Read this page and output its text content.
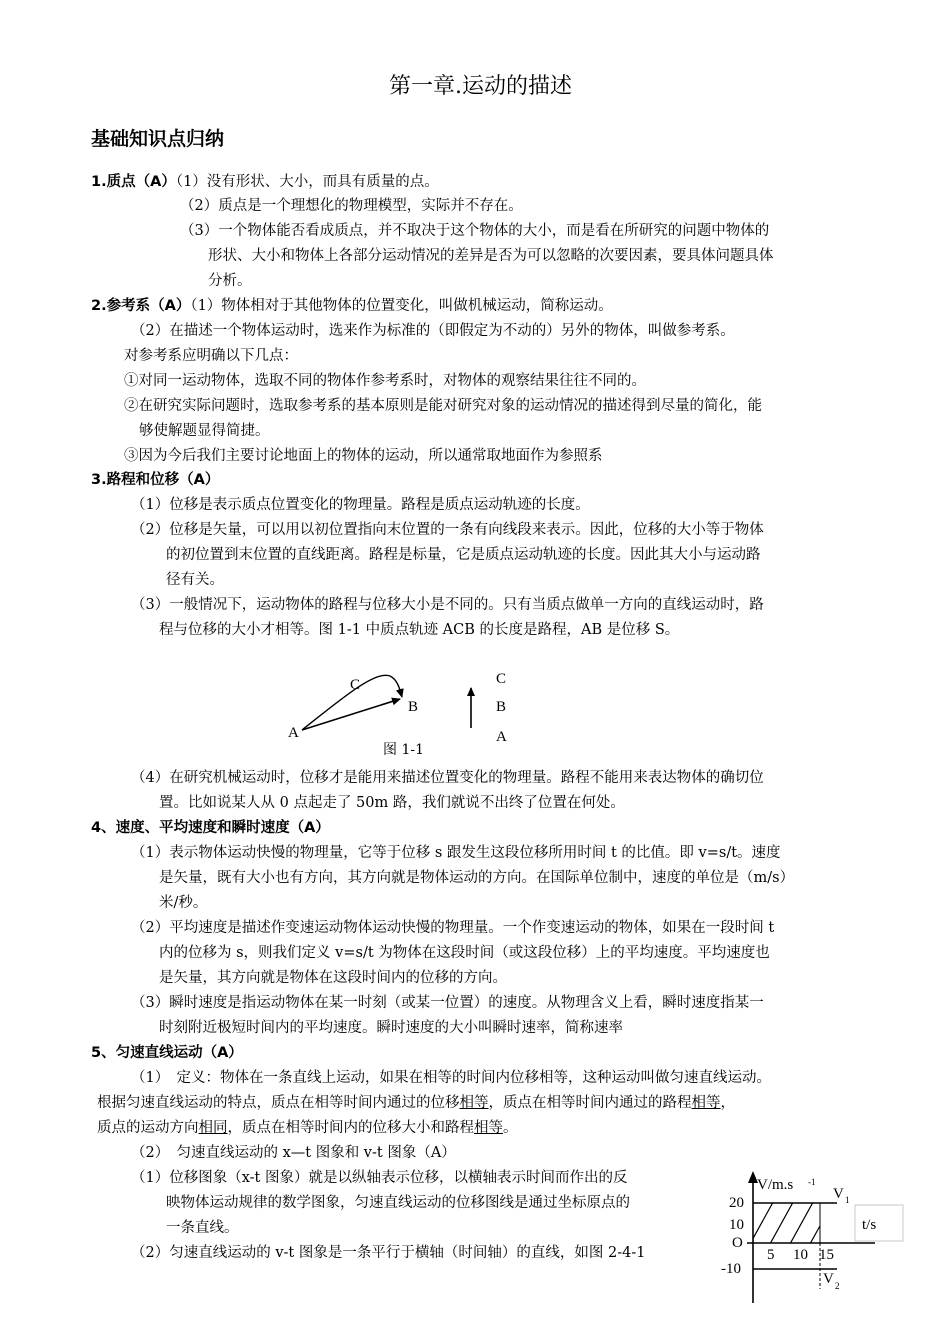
第一章.运动的描述
基础知识点归纳
1.质点（A）（1）没有形状、大小，而具有质量的点。
（2）质点是一个理想化的物理模型，实际并不存在。
（3）一个物体能否看成质点，并不取决于这个物体的大小，而是看在所研究的问题中物体的
形状、大小和物体上各部分运动情况的差异是否为可以忽略的次要因素，要具体问题具体
分析。
2.参考系（A）（1）物体相对于其他物体的位置变化，叫做机械运动，简称运动。
（2）在描述一个物体运动时，选来作为标准的（即假定为不动的）另外的物体，叫做参考系。
对参考系应明确以下几点：
①对同一运动物体，选取不同的物体作参考系时，对物体的观察结果往往不同的。
②在研究实际问题时，选取参考系的基本原则是能对研究对象的运动情况的描述得到尽量的简化，能
够使解题显得简捷。
③因为今后我们主要讨论地面上的物体的运动，所以通常取地面作为参照系
3.路程和位移（A）
（1）位移是表示质点位置变化的物理量。路程是质点运动轨迹的长度。
（2）位移是矢量，可以用以初位置指向末位置的一条有向线段来表示。因此，位移的大小等于物体
的初位置到末位置的直线距离。路程是标量，它是质点运动轨迹的长度。因此其大小与运动路
径有关。
（3）一般情况下，运动物体的路程与位移大小是不同的。只有当质点做单一方向的直线运动时，路
程与位移的大小才相等。图 1-1 中质点轨迹 ACB 的长度是路程，AB 是位移 S。
A
B
C	C
B
A
图 1-1
（4）在研究机械运动时，位移才是能用来描述位置变化的物理量。路程不能用来表达物体的确切位
置。比如说某人从 0 点起走了 50m 路，我们就说不出终了位置在何处。
4、速度、平均速度和瞬时速度（A）
（1）表示物体运动快慢的物理量，它等于位移 s 跟发生这段位移所用时间 t 的比值。即 v=s/t。速度
是矢量，既有大小也有方向，其方向就是物体运动的方向。在国际单位制中，速度的单位是（m/s）
米/秒。
（2）平均速度是描述作变速运动物体运动快慢的物理量。一个作变速运动的物体，如果在一段时间 t
内的位移为 s，则我们定义 v=s/t 为物体在这段时间（或这段位移）上的平均速度。平均速度也
是矢量，其方向就是物体在这段时间内的位移的方向。
（3）瞬时速度是指运动物体在某一时刻（或某一位置）的速度。从物理含义上看，瞬时速度指某一
时刻附近极短时间内的平均速度。瞬时速度的大小叫瞬时速率，简称速率
5、匀速直线运动（A）
（1）　定义：物体在一条直线上运动，如果在相等的时间内位移相等，这种运动叫做匀速直线运动。
根据匀速直线运动的特点，质点在相等时间内通过的位移相等，质点在相等时间内通过的路程相等，
质点的运动方向相同，质点在相等时间内的位移大小和路程相等。
（2）　匀速直线运动的 x—t 图象和 v-t 图象（A）
（1）位移图象（x-t 图象）就是以纵轴表示位移，以横轴表示时间而作出的反
映物体运动规律的数学图象，匀速直线运动的位移图线是通过坐标原点的
一条直线。
（2）匀速直线运动的 v-t 图象是一条平行于横轴（时间轴）的直线，如图 2-4-1
V/m.s -1
V 1
t/s
20
10
O
5 10 15
-10
V 2
